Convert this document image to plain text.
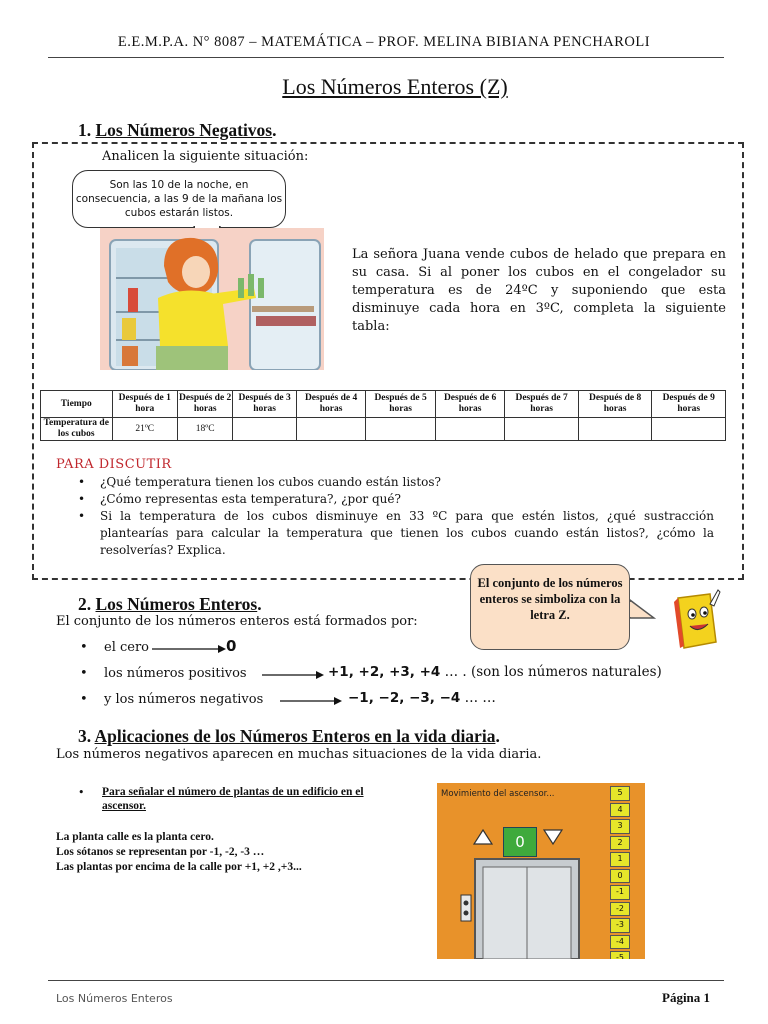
E.E.M.P.A. N° 8087 – MATEMÁTICA – PROF. MELINA BIBIANA PENCHAROLI
Los Números Enteros (Z)
1. Los Números Negativos.
Analicen la siguiente situación:
Son las 10 de la noche, en consecuencia, a las 9 de la mañana los cubos estarán listos.
La señora Juana vende cubos de helado que prepara en su casa. Si al poner los cubos en el congelador su temperatura es de 24ºC y suponiendo que esta disminuye cada hora en 3ºC, completa la siguiente tabla:
Tiempo	Después de 1 hora	Después de 2 horas	Después de 3 horas	Después de 4 horas	Después de 5 horas	Después de 6 horas	Después de 7 horas	Después de 8 horas	Después de 9 horas
Temperatura de los cubos	21ºC	18ºC							
PARA DISCUTIR
• ¿Qué temperatura tienen los cubos cuando están listos?
• ¿Cómo representas esta temperatura?, ¿por qué?
• Si la temperatura de los cubos disminuye en 33 ºC para que estén listos, ¿qué sustracción plantearías para calcular la temperatura que tienen los cubos cuando están listos?, ¿cómo la resolverías? Explica.
El conjunto de los números enteros se simboliza con la letra Z.
2. Los Números Enteros.
El conjunto de los números enteros está formados por:
• el cero	0
• los números positivos	+1, +2, +3, +4 … . (son los números naturales)
• y los números negativos	−1, −2, −3, −4 … …
3. Aplicaciones de los Números Enteros en la vida diaria.
Los números negativos aparecen en muchas situaciones de la vida diaria.
• Para señalar el número de plantas de un edificio en el ascensor.
La planta calle es la planta cero.
Los sótanos se representan por -1, -2, -3 …
Las plantas por encima de la calle por +1, +2 ,+3...
Movimiento del ascensor...
0
5
4
3
2
1
0
-1
-2
-3
-4
-5
Los Números Enteros	Página 1
